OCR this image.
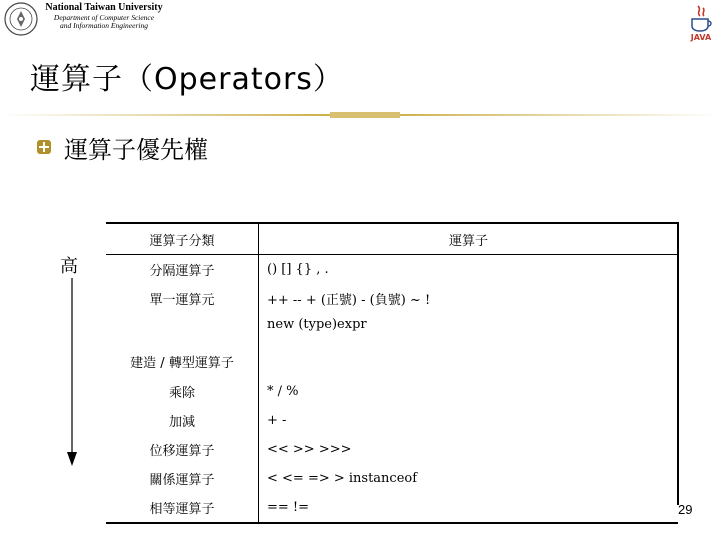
National Taiwan University
Department of Computer Science
and Information Engineering
JAVA
運算子（Operators）
運算子優先權
高
運算子分類	運算子
分隔運算子	() [] {} , .
單一運算元	++ -- + (正號) - (負號) ~ !
建造 / 轉型運算子	new (type)expr
乘除	* / %
加減	+ -
位移運算子	<< >> >>>
關係運算子	< <= => > instanceof
相等運算子	== !=	29
